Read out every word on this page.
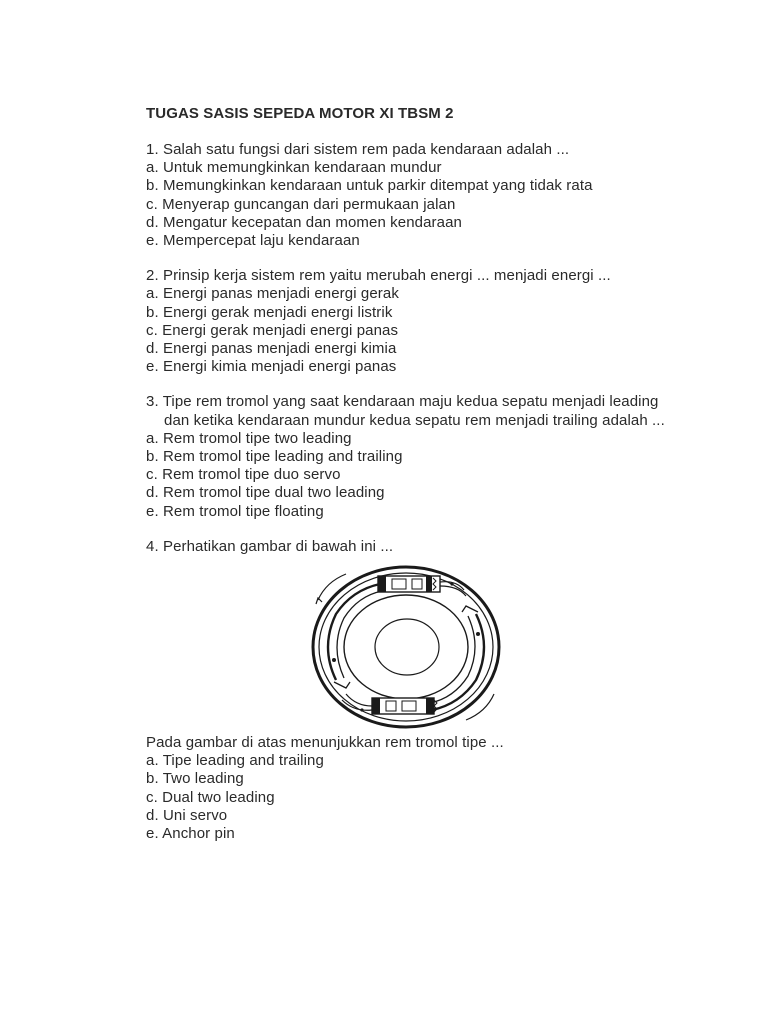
TUGAS SASIS SEPEDA MOTOR XI TBSM 2
1. Salah satu fungsi dari sistem rem pada kendaraan adalah ...
a. Untuk memungkinkan kendaraan mundur
b. Memungkinkan kendaraan untuk parkir ditempat yang tidak rata
c. Menyerap guncangan dari permukaan jalan
d. Mengatur kecepatan dan momen kendaraan
e. Mempercepat laju kendaraan
2. Prinsip kerja sistem rem yaitu merubah energi ... menjadi energi ...
a. Energi panas menjadi energi gerak
b. Energi gerak menjadi energi listrik
c. Energi gerak menjadi energi panas
d. Energi panas menjadi energi kimia
e. Energi kimia menjadi energi panas
3. Tipe rem tromol yang saat kendaraan maju kedua sepatu menjadi leading dan ketika kendaraan mundur kedua sepatu rem menjadi trailing adalah ...
a. Rem tromol tipe two leading
b. Rem tromol tipe leading and trailing
c. Rem tromol tipe duo servo
d. Rem tromol tipe dual two leading
e. Rem tromol tipe floating
4. Perhatikan gambar di bawah ini ...
Pada gambar di atas menunjukkan rem tromol tipe ...
a. Tipe leading and trailing
b. Two leading
c. Dual two leading
d. Uni servo
e. Anchor pin
